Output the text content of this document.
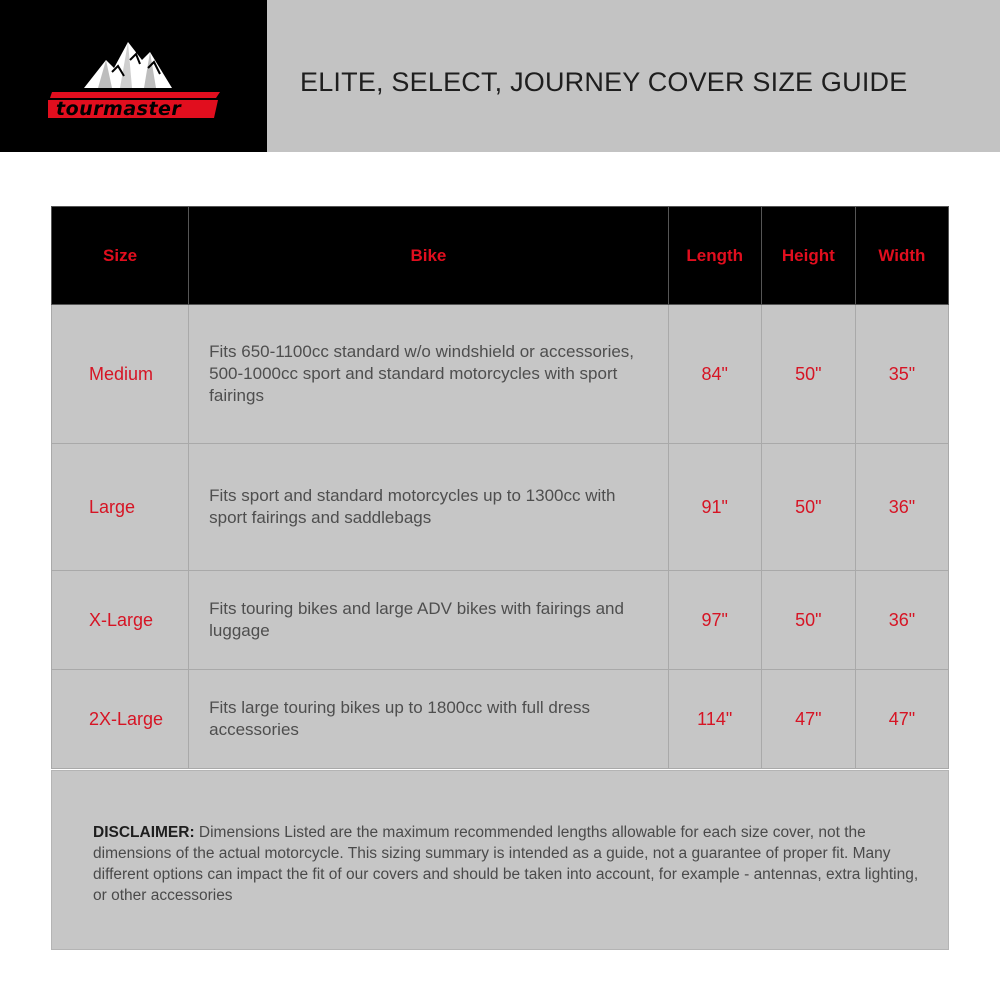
tourmaster
ELITE, SELECT, JOURNEY COVER SIZE GUIDE
Size	Bike	Length	Height	Width
Medium	Fits 650-1100cc standard w/o windshield or accessories, 500-1000cc sport and standard motorcycles with sport fairings	84"	50"	35"
Large	Fits sport and standard motorcycles up to 1300cc with sport fairings and saddlebags	91"	50"	36"
X-Large	Fits touring bikes and large ADV bikes with fairings and luggage	97"	50"	36"
2X-Large	Fits large touring bikes up to 1800cc with full dress accessories	114"	47"	47"
DISCLAIMER: Dimensions Listed are the maximum recommended lengths allowable for each size cover, not the dimensions of the actual motorcycle. This sizing summary is intended as a guide, not a guarantee of proper fit. Many different options can impact the fit of our covers and should be taken into account, for example - antennas, extra lighting, or other accessories
